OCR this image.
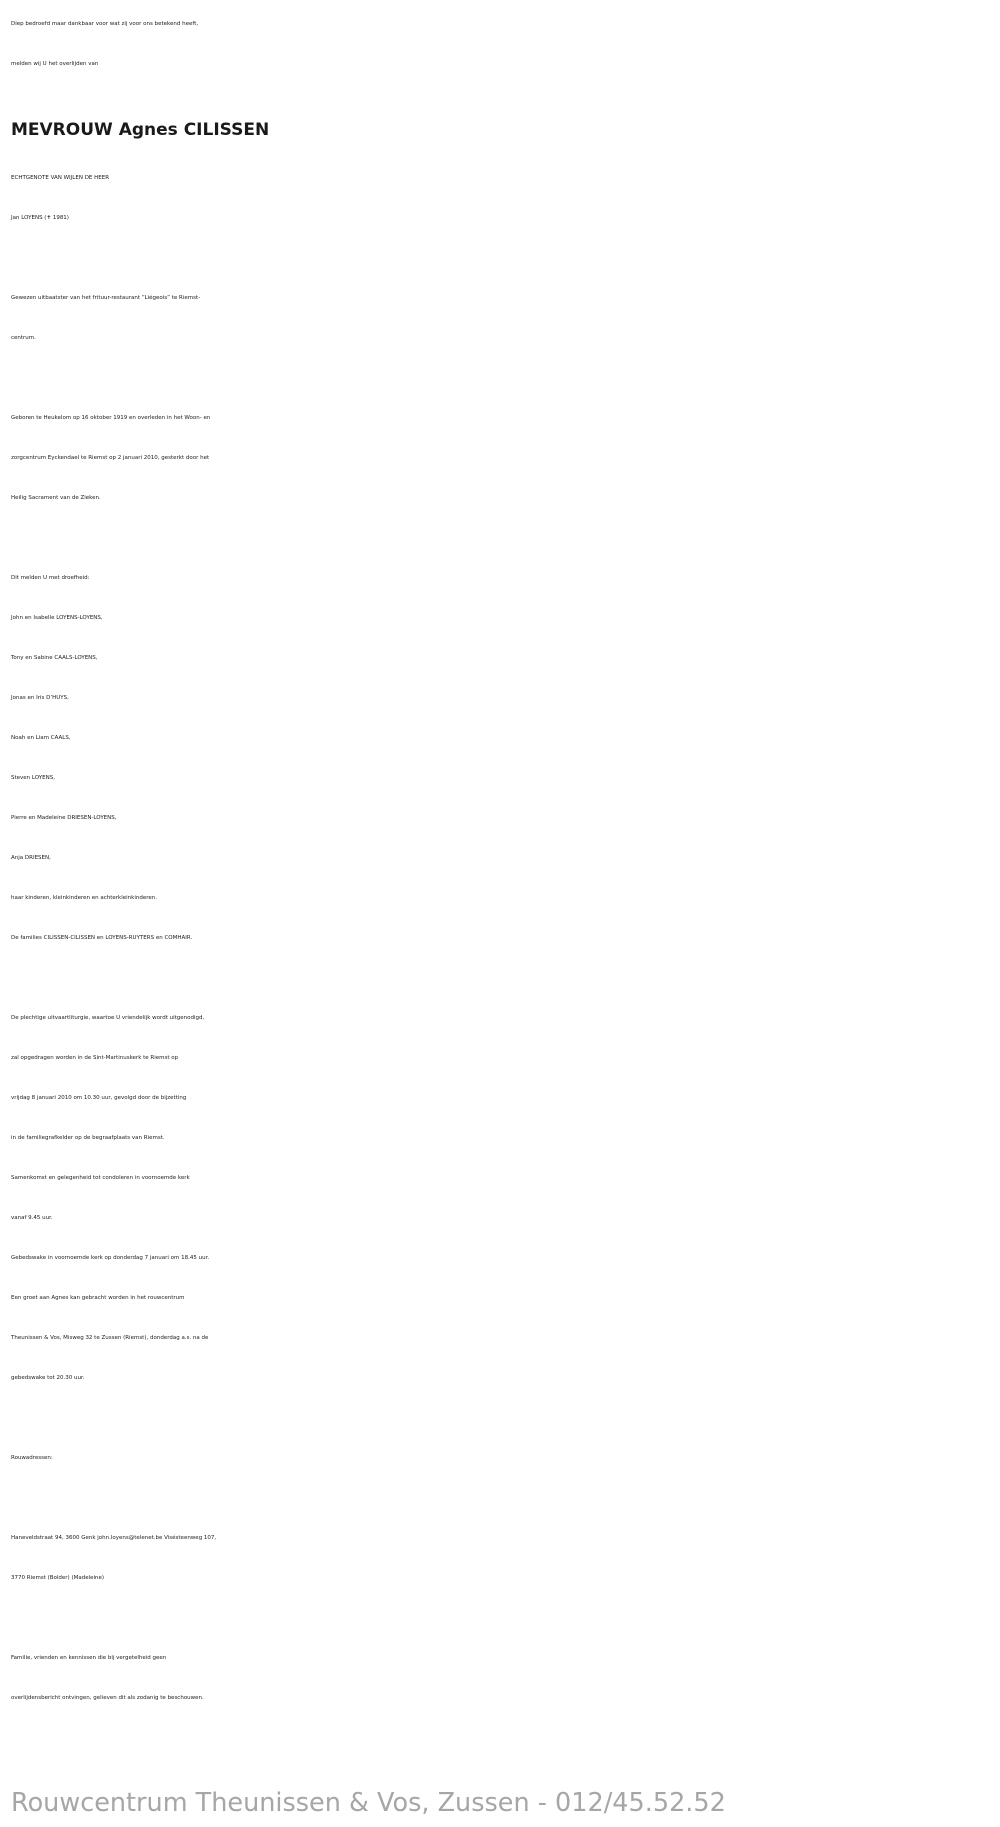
Diep bedroefd maar dankbaar voor wat zij voor ons betekend heeft,

melden wij U het overlijden van

MEVROUW Agnes CILISSEN

ECHTGENOTE VAN WIJLEN DE HEER

Jan LOYENS (✝ 1981)

Gewezen uitbaatster van het frituur-restaurant “Liégeois” te Riemst-

centrum.

Geboren te Heukelom op 16 oktober 1919 en overleden in het Woon- en

zorgcentrum Eyckendael te Riemst op 2 januari 2010, gesterkt door het

Heilig Sacrament van de Zieken.

Dit melden U met droefheid:

John en Isabelle LOYENS-LOYENS,

Tony en Sabine CAALS-LOYENS,

Jonas en Iris D’HUYS,

Noah en Liam CAALS,

Steven LOYENS,

Pierre en Madeleine DRIESEN-LOYENS,

Anja DRIESEN,

haar kinderen, kleinkinderen en achterkleinkinderen.

De families CILISSEN-CILISSEN en LOYENS-RUYTERS en COMHAIR.

De plechtige uitvaartliturgie, waartoe U vriendelijk wordt uitgenodigd,

zal opgedragen worden in de Sint-Martinuskerk te Riemst op

vrijdag 8 januari 2010 om 10.30 uur, gevolgd door de bijzetting

in de familiegrafkelder op de begraafplaats van Riemst.

Samenkomst en gelegenheid tot condoleren in voornoemde kerk

vanaf 9.45 uur.

Gebedswake in voornoemde kerk op donderdag 7 januari om 18.45 uur.

Een groet aan Agnes kan gebracht worden in het rouwcentrum

Theunissen & Vos, Misweg 32 te Zussen (Riemst), donderdag a.s. na de

gebedswake tot 20.30 uur.

Rouwadressen:

Haneveldstraat 94, 3600 Genk john.loyens@telenet.be Visésteenweg 107,

3770 Riemst (Bolder) (Madeleine)

Familie, vrienden en kennissen die bij vergetelheid geen

overlijdensbericht ontvingen, gelieven dit als zodanig te beschouwen.

Rouwcentrum Theunissen & Vos, Zussen - 012/45.52.52
